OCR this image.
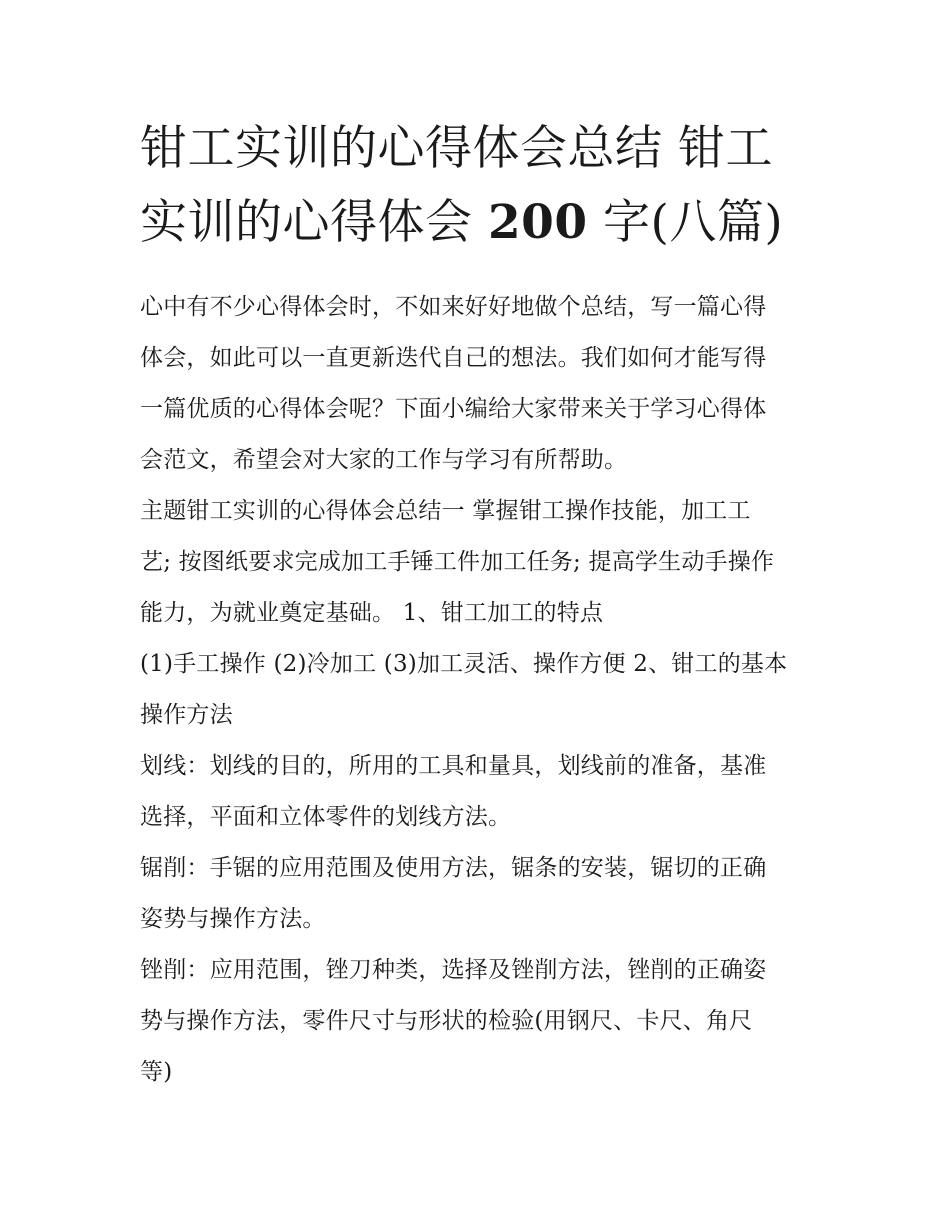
钳工实训的心得体会总结 钳工
实训的心得体会 200 字(八篇)

心中有不少心得体会时，不如来好好地做个总结，写一篇心得
体会，如此可以一直更新迭代自己的想法。我们如何才能写得
一篇优质的心得体会呢？下面小编给大家带来关于学习心得体
会范文，希望会对大家的工作与学习有所帮助。

主题钳工实训的心得体会总结一 掌握钳工操作技能，加工工
艺; 按图纸要求完成加工手锤工件加工任务; 提高学生动手操作
能力，为就业奠定基础。 1、钳工加工的特点

(1)手工操作 (2)冷加工 (3)加工灵活、操作方便 2、钳工的基本
操作方法

划线：划线的目的，所用的工具和量具，划线前的准备，基准
选择，平面和立体零件的划线方法。

锯削：手锯的应用范围及使用方法，锯条的安装，锯切的正确
姿势与操作方法。

锉削：应用范围，锉刀种类，选择及锉削方法，锉削的正确姿
势与操作方法，零件尺寸与形状的检验(用钢尺、卡尺、角尺
等)
